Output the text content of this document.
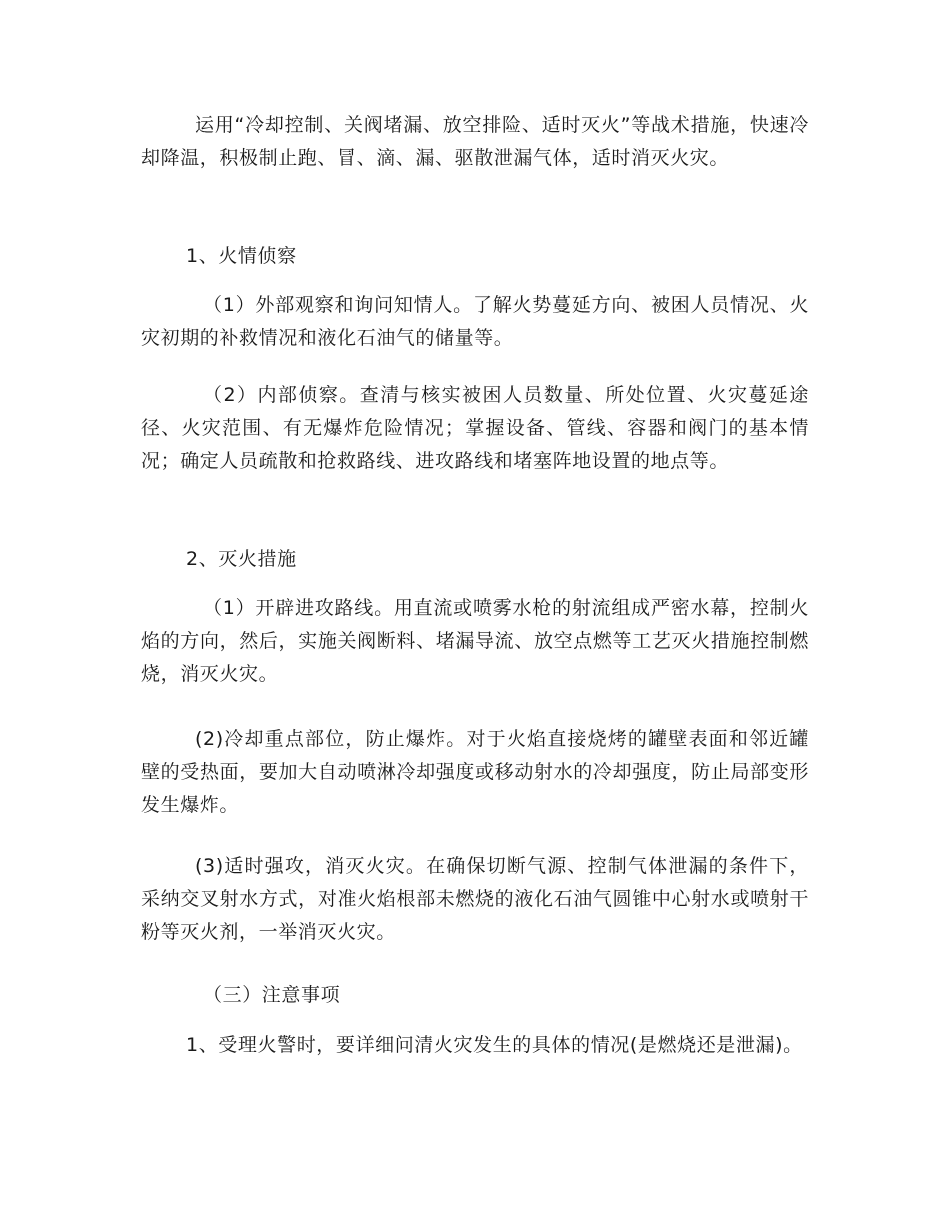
运用“冷却控制、关阀堵漏、放空排险、适时灭火”等战术措施，快速冷却降温，积极制止跑、冒、滴、漏、驱散泄漏气体，适时消灭火灾。

1、火情侦察

（1）外部观察和询问知情人。了解火势蔓延方向、被困人员情况、火灾初期的补救情况和液化石油气的储量等。

（2）内部侦察。查清与核实被困人员数量、所处位置、火灾蔓延途径、火灾范围、有无爆炸危险情况；掌握设备、管线、容器和阀门的基本情况；确定人员疏散和抢救路线、进攻路线和堵塞阵地设置的地点等。

2、灭火措施

（1）开辟进攻路线。用直流或喷雾水枪的射流组成严密水幕，控制火焰的方向，然后，实施关阀断料、堵漏导流、放空点燃等工艺灭火措施控制燃烧，消灭火灾。

(2)冷却重点部位，防止爆炸。对于火焰直接烧烤的罐壁表面和邻近罐壁的受热面，要加大自动喷淋冷却强度或移动射水的冷却强度，防止局部变形发生爆炸。

(3)适时强攻，消灭火灾。在确保切断气源、控制气体泄漏的条件下，采纳交叉射水方式，对准火焰根部未燃烧的液化石油气圆锥中心射水或喷射干粉等灭火剂，一举消灭火灾。

（三）注意事项

1、受理火警时，要详细问清火灾发生的具体的情况(是燃烧还是泄漏)。
